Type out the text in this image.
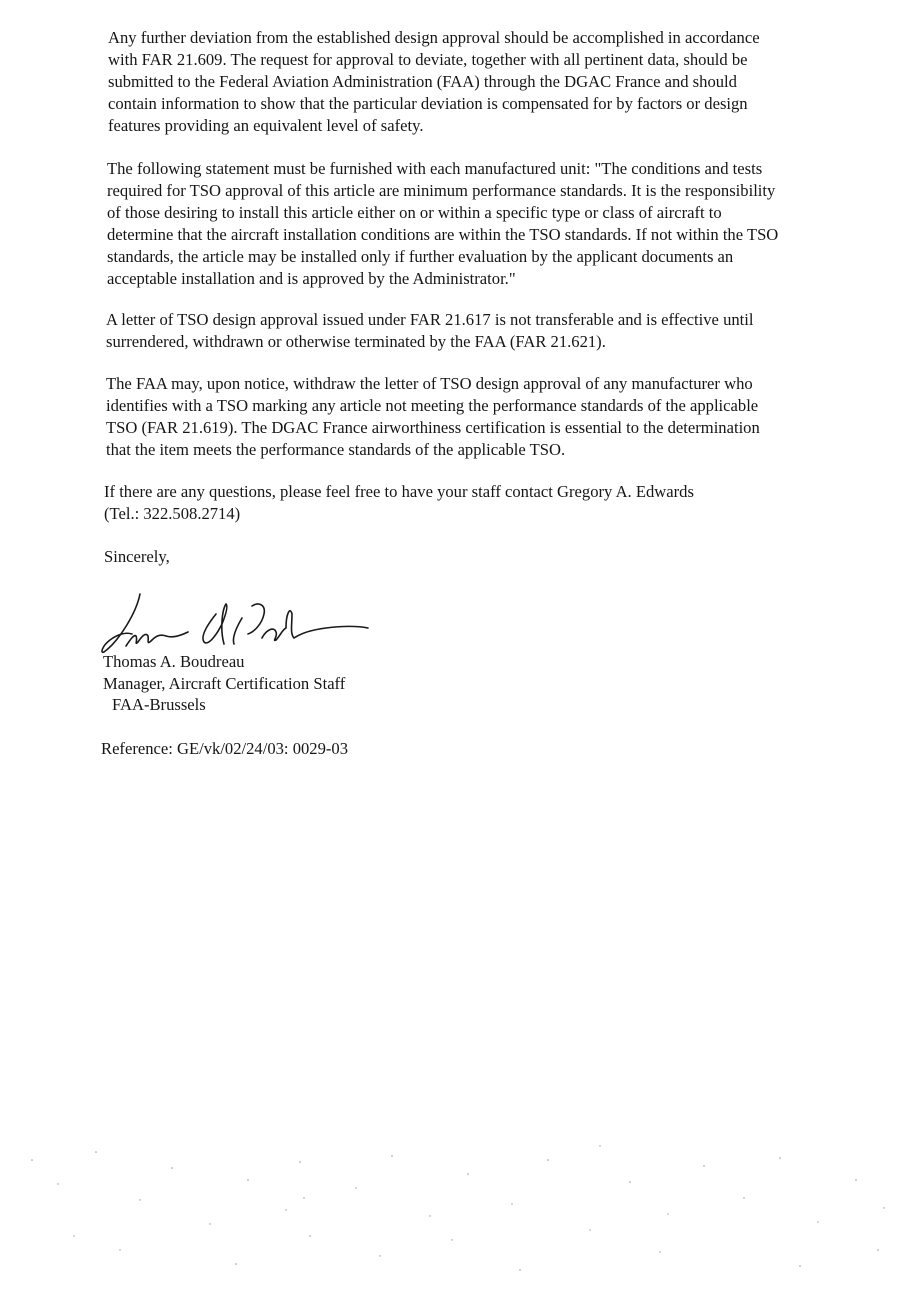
Any further deviation from the established design approval should be accomplished in accordance
with FAR 21.609. The request for approval to deviate, together with all pertinent data, should be
submitted to the Federal Aviation Administration (FAA) through the DGAC France and should
contain information to show that the particular deviation is compensated for by factors or design
features providing an equivalent level of safety.

The following statement must be furnished with each manufactured unit: "The conditions and tests
required for TSO approval of this article are minimum performance standards. It is the responsibility
of those desiring to install this article either on or within a specific type or class of aircraft to
determine that the aircraft installation conditions are within the TSO standards. If not within the TSO
standards, the article may be installed only if further evaluation by the applicant documents an
acceptable installation and is approved by the Administrator."

A letter of TSO design approval issued under FAR 21.617 is not transferable and is effective until
surrendered, withdrawn or otherwise terminated by the FAA (FAR 21.621).

The FAA may, upon notice, withdraw the letter of TSO design approval of any manufacturer who
identifies with a TSO marking any article not meeting the performance standards of the applicable
TSO (FAR 21.619). The DGAC France airworthiness certification is essential to the determination
that the item meets the performance standards of the applicable TSO.

If there are any questions, please feel free to have your staff contact Gregory A. Edwards
(Tel.: 322.508.2714)

Sincerely,

Thomas A. Boudreau

Manager, Aircraft Certification Staff

FAA-Brussels

Reference: GE/vk/02/24/03: 0029-03
